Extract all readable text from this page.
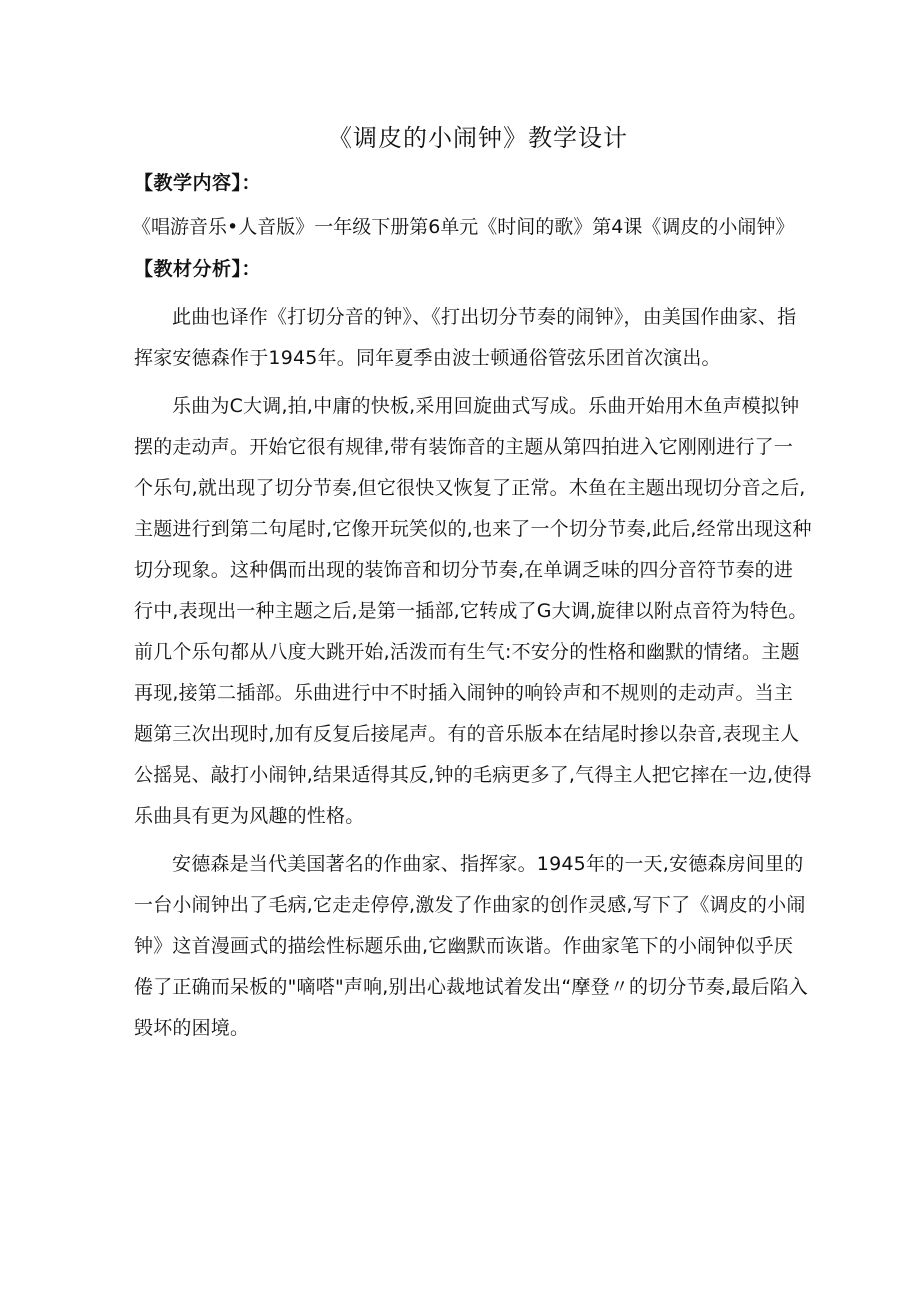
《调皮的小闹钟》教学设计
【教学内容】：
《唱游音乐•人音版》一年级下册第6单元《时间的歌》第4课《调皮的小闹钟》
【教材分析】：

此曲也译作《打切分音的钟》、《打出切分节奏的闹钟》，由美国作曲家、指挥家安德森作于1945年。同年夏季由波士顿通俗管弦乐团首次演出。

乐曲为C大调,拍,中庸的快板,采用回旋曲式写成。乐曲开始用木鱼声模拟钟摆的走动声。开始它很有规律,带有装饰音的主题从第四拍进入它刚刚进行了一个乐句,就出现了切分节奏,但它很快又恢复了正常。木鱼在主题出现切分音之后,主题进行到第二句尾时,它像开玩笑似的,也来了一个切分节奏,此后,经常出现这种切分现象。这种偶而出现的装饰音和切分节奏,在单调乏味的四分音符节奏的进行中,表现出一种主题之后,是第一插部,它转成了G大调,旋律以附点音符为特色。前几个乐句都从八度大跳开始,活泼而有生气:不安分的性格和幽默的情绪。主题再现,接第二插部。乐曲进行中不时插入闹钟的响铃声和不规则的走动声。当主题第三次出现时,加有反复后接尾声。有的音乐版本在结尾时掺以杂音,表现主人公摇晃、敲打小闹钟,结果适得其反,钟的毛病更多了,气得主人把它摔在一边,使得乐曲具有更为风趣的性格。

安德森是当代美国著名的作曲家、指挥家。1945年的一天,安德森房间里的一台小闹钟出了毛病,它走走停停,激发了作曲家的创作灵感,写下了《调皮的小闹钟》这首漫画式的描绘性标题乐曲,它幽默而诙谐。作曲家笔下的小闹钟似乎厌倦了正确而呆板的"嘀嗒"声响,别出心裁地试着发出“摩登〃的切分节奏,最后陷入毁坏的困境。
